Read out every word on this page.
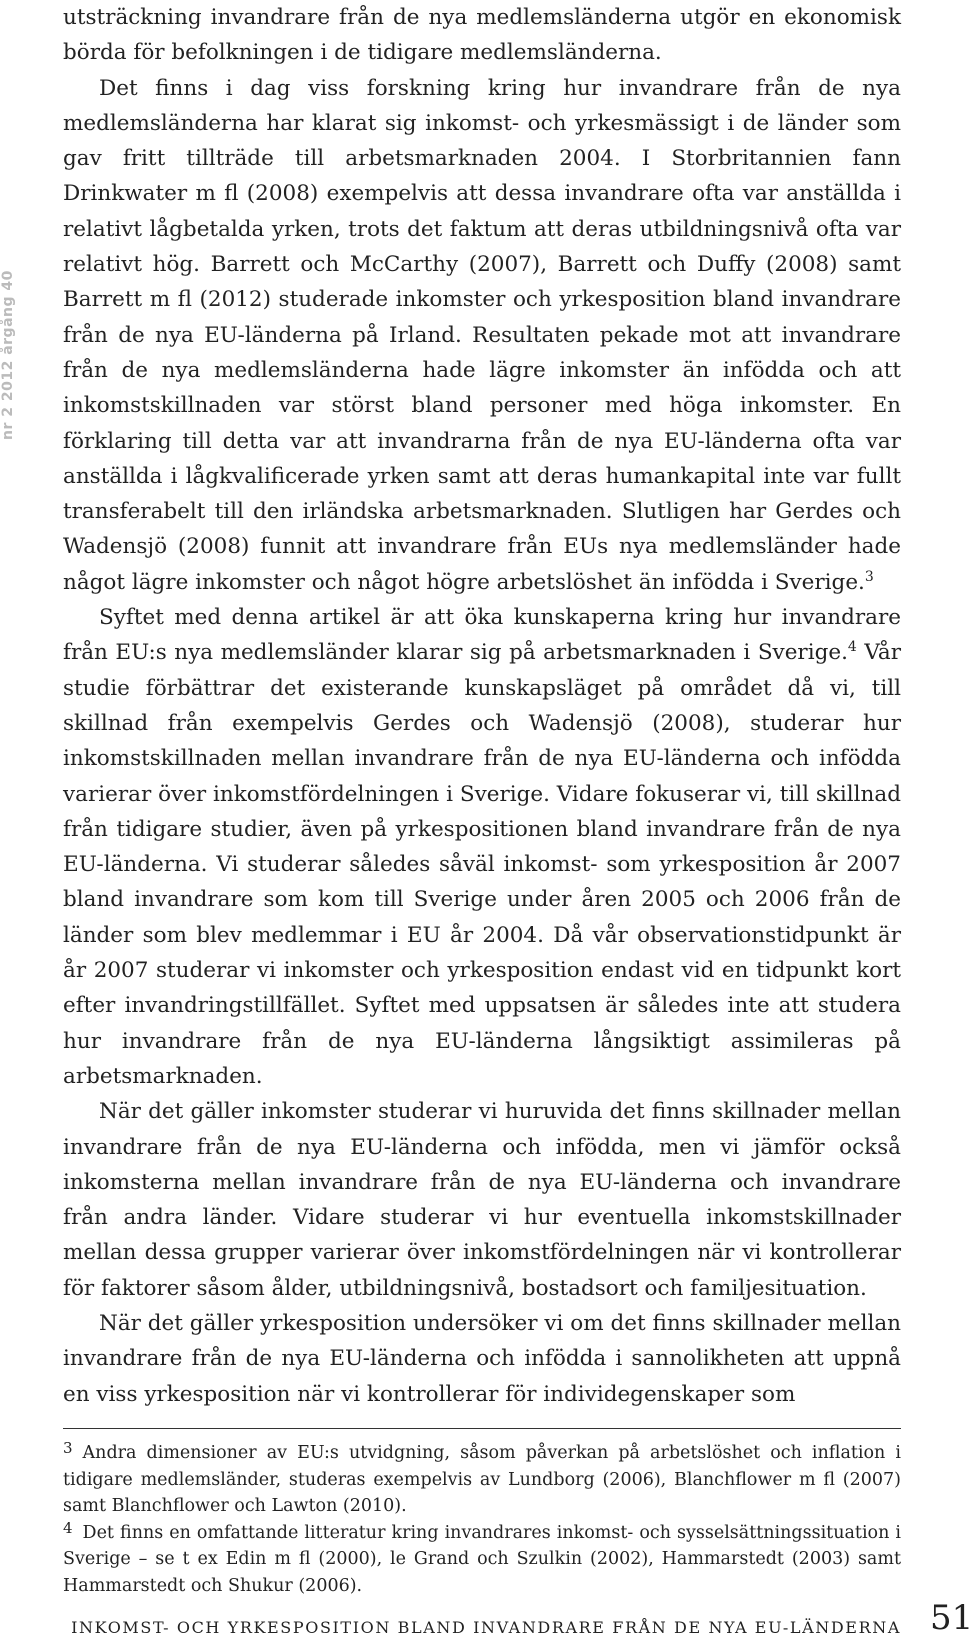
nr 2 2012 årgång 40

utsträckning invandrare från de nya medlemsländerna utgör en ekonomisk börda för befolkningen i de tidigare medlemsländerna.

Det finns i dag viss forskning kring hur invandrare från de nya medlemsländerna har klarat sig inkomst- och yrkesmässigt i de länder som gav fritt tillträde till arbetsmarknaden 2004. I Storbritannien fann Drinkwater m fl (2008) exempelvis att dessa invandrare ofta var anställda i relativt lågbetalda yrken, trots det faktum att deras utbildningsnivå ofta var relativt hög. Barrett och McCarthy (2007), Barrett och Duffy (2008) samt Barrett m fl (2012) studerade inkomster och yrkesposition bland invandrare från de nya EU-länderna på Irland. Resultaten pekade mot att invandrare från de nya medlemsländerna hade lägre inkomster än infödda och att inkomstskillnaden var störst bland personer med höga inkomster. En förklaring till detta var att invandrarna från de nya EU-länderna ofta var anställda i lågkvalificerade yrken samt att deras humankapital inte var fullt transferabelt till den irländska arbetsmarknaden. Slutligen har Gerdes och Wadensjö (2008) funnit att invandrare från EUs nya medlemsländer hade något lägre inkomster och något högre arbetslöshet än infödda i Sverige.$^3$

Syftet med denna artikel är att öka kunskaperna kring hur invandrare från EU:s nya medlemsländer klarar sig på arbetsmarknaden i Sverige.$^4$ Vår studie förbättrar det existerande kunskapsläget på området då vi, till skillnad från exempelvis Gerdes och Wadensjö (2008), studerar hur inkomstskillnaden mellan invandrare från de nya EU-länderna och infödda varierar över inkomstfördelningen i Sverige. Vidare fokuserar vi, till skillnad från tidigare studier, även på yrkespositionen bland invandrare från de nya EU-länderna. Vi studerar således såväl inkomst- som yrkesposition år 2007 bland invandrare som kom till Sverige under åren 2005 och 2006 från de länder som blev medlemmar i EU år 2004. Då vår observationstidpunkt är år 2007 studerar vi inkomster och yrkesposition endast vid en tidpunkt kort efter invandringstillfället. Syftet med uppsatsen är således inte att studera hur invandrare från de nya EU-länderna långsiktigt assimileras på arbetsmarknaden.

När det gäller inkomster studerar vi huruvida det finns skillnader mellan invandrare från de nya EU-länderna och infödda, men vi jämför också inkomsterna mellan invandrare från de nya EU-länderna och invandrare från andra länder. Vidare studerar vi hur eventuella inkomstskillnader mellan dessa grupper varierar över inkomstfördelningen när vi kontrollerar för faktorer såsom ålder, utbildningsnivå, bostadsort och familjesituation.

När det gäller yrkesposition undersöker vi om det finns skillnader mellan invandrare från de nya EU-länderna och infödda i sannolikheten att uppnå en viss yrkesposition när vi kontrollerar för individegenskaper som

3 Andra dimensioner av EU:s utvidgning, såsom påverkan på arbetslöshet och inflation i tidigare medlemsländer, studeras exempelvis av Lundborg (2006), Blanchflower m fl (2007) samt Blanchflower och Lawton (2010).

4 Det finns en omfattande litteratur kring invandrares inkomst- och sysselsättningssituation i Sverige – se t ex Edin m fl (2000), le Grand och Szulkin (2002), Hammarstedt (2003) samt Hammarstedt och Shukur (2006).

INKOMST- OCH YRKESPOSITION BLAND INVANDRARE FRÅN DE NYA EU-LÄNDERNA 51
